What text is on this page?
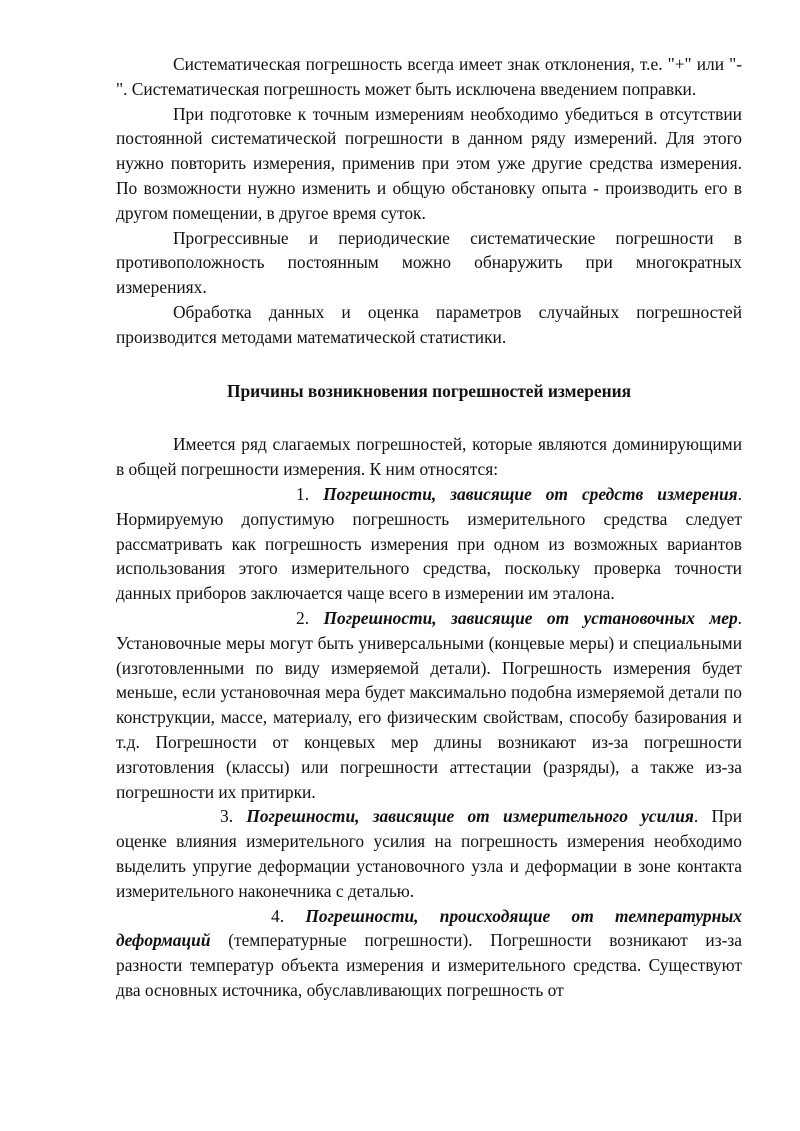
Систематическая погрешность всегда имеет знак отклонения, т.е. "+" или "-". Систематическая погрешность может быть исключена введением поправки.

При подготовке к точным измерениям необходимо убедиться в отсутствии постоянной систематической погрешности в данном ряду измерений. Для этого нужно повторить измерения, применив при этом уже другие средства измерения. По возможности нужно изменить и общую обстановку опыта - производить его в другом помещении, в другое время суток.

Прогрессивные и периодические систематические погрешности в противоположность постоянным можно обнаружить при многократных измерениях.

Обработка данных и оценка параметров случайных погрешностей производится методами математической статистики.

Причины возникновения погрешностей измерения

Имеется ряд слагаемых погрешностей, которые являются доминирующими в общей погрешности измерения. К ним относятся:

1. Погрешности, зависящие от средств измерения. Нормируемую допустимую погрешность измерительного средства следует рассматривать как погрешность измерения при одном из возможных вариантов использования этого измерительного средства, поскольку проверка точности данных приборов заключается чаще всего в измерении им эталона.

2. Погрешности, зависящие от установочных мер. Установочные меры могут быть универсальными (концевые меры) и специальными (изготовленными по виду измеряемой детали). Погрешность измерения будет меньше, если установочная мера будет максимально подобна измеряемой детали по конструкции, массе, материалу, его физическим свойствам, способу базирования и т.д. Погрешности от концевых мер длины возникают из-за погрешности изготовления (классы) или погрешности аттестации (разряды), а также из-за погрешности их притирки.

3. Погрешности, зависящие от измерительного усилия. При оценке влияния измерительного усилия на погрешность измерения необходимо выделить упругие деформации установочного узла и деформации в зоне контакта измерительного наконечника с деталью.

4. Погрешности, происходящие от температурных деформаций (температурные погрешности). Погрешности возникают из-за разности температур объекта измерения и измерительного средства. Существуют два основных источника, обуславливающих погрешность от
